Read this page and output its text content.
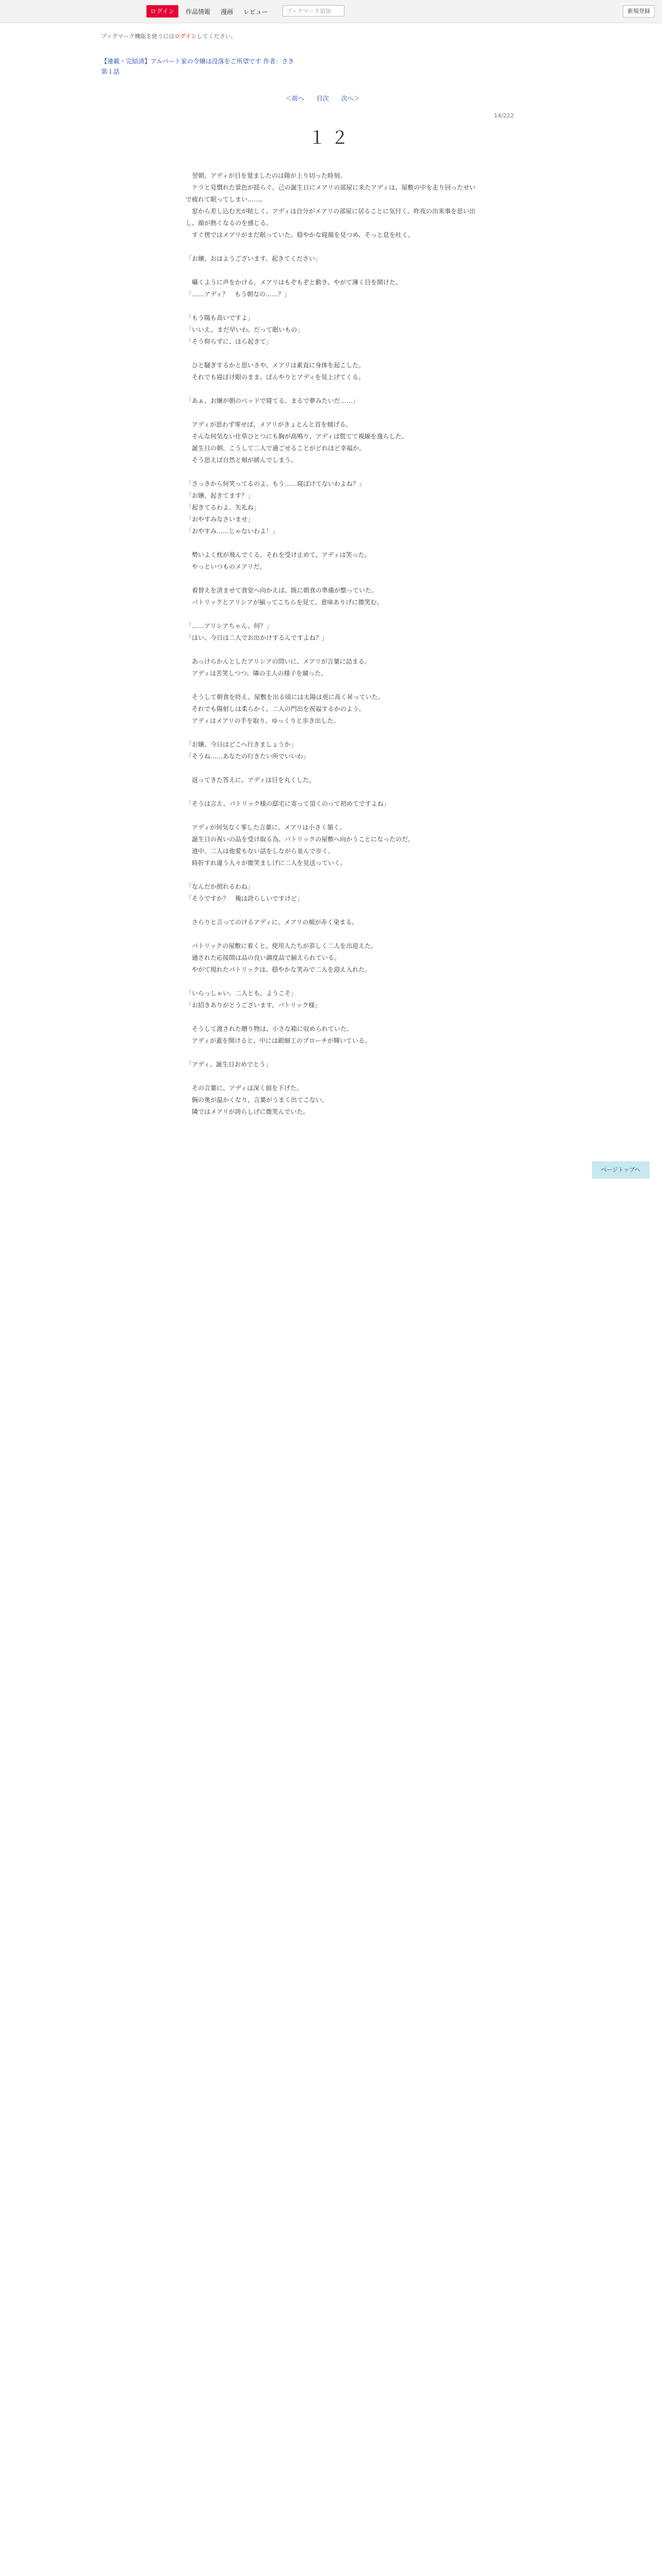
ログイン	作品情報 漫画 レビュー	ブックマーク追加	新規登録
ブックマーク機能を使うにはログインしてください。
【連載・完結済】アルバート家の令嬢は没落をご所望です 作者：さき
第１話
＜前へ 目次 次へ＞
14/222
１２

　翌朝、アディが目を覚ましたのは陽が上り切った時刻。

　ケラと見慣れた景色が揺らぐ。己の誕生日にメアリの部屋に来たアディは、屋敷の中を走り回ったせいで疲れて眠ってしまい……。

　窓から差し込む光が眩しく、アディは自分がメアリの部屋に居ることに気付く。昨夜の出来事を思い出し、顔が熱くなるのを感じる。

　すぐ傍ではメアリがまだ眠っていた。穏やかな寝顔を見つめ、そっと息を吐く。

「お嬢、おはようございます。起きてください」

　囁くように声をかける。メアリはもぞもぞと動き、やがて薄く目を開けた。

「……アディ？　もう朝なの……？」

「もう陽も高いですよ」

「いいえ、まだ早いわ。だって眠いもの」

「そう仰らずに、ほら起きて」

　ひと騒ぎするかと思いきや、メアリは素直に身体を起こした。

　それでも寝ぼけ眼のまま、ぼんやりとアディを見上げてくる。

「あぁ、お嬢が朝のベッドで寝てる。まるで夢みたいだ……」

　アディが思わず零せば、メアリがきょとんと首を傾げる。

　そんな何気ない仕草ひとつにも胸が高鳴り、アディは慌てて視線を逸らした。

　誕生日の朝、こうして二人で過ごせることがどれほど幸福か。

　そう思えば自然と頬が緩んでしまう。

「さっきから何笑ってるのよ、もう……寝ぼけてないわよね？」

「お嬢、起きてます？」

「起きてるわよ。失礼ね」

「おやすみなさいませ」

「おやすみ……じゃないわよ！」

　勢いよく枕が飛んでくる。それを受け止めて、アディは笑った。

　やっといつものメアリだ。

　着替えを済ませて食堂へ向かえば、既に朝食の準備が整っていた。

　パトリックとアリシアが揃ってこちらを見て、意味ありげに微笑む。

「……アリシアちゃん、何？」

「はい、今日は二人でお出かけするんですよね？」

　あっけらかんとしたアリシアの問いに、メアリが言葉に詰まる。

　アディは苦笑しつつ、隣の主人の様子を窺った。

　そうして朝食を終え、屋敷を出る頃には太陽は更に高く昇っていた。

　それでも陽射しは柔らかく、二人の門出を祝福するかのよう。

　アディはメアリの手を取り、ゆっくりと歩き出した。

「お嬢、今日はどこへ行きましょうか」

「そうね……あなたの行きたい所でいいわ」

　返ってきた答えに、アディは目を丸くした。

「そうは言え、パトリック様の邸宅に寄って頂くのって初めてですよね」

　アディが何気なく零した言葉に、メアリは小さく頷く。

　誕生日の祝いの品を受け取る為、パトリックの屋敷へ向かうことになったのだ。

　道中、二人は他愛もない話をしながら並んで歩く。

　時折すれ違う人々が微笑ましげに二人を見送っていく。

「なんだか照れるわね」

「そうですか？　俺は誇らしいですけど」

　さらりと言ってのけるアディに、メアリの頬が赤く染まる。

　パトリックの屋敷に着くと、使用人たちが恭しく二人を出迎えた。

　通された応接間は品の良い調度品で揃えられている。

　やがて現れたパトリックは、穏やかな笑みで二人を迎え入れた。

「いらっしゃい。二人とも、ようこそ」

「お招きありがとうございます、パトリック様」

　そうして渡された贈り物は、小さな箱に収められていた。

　アディが蓋を開けると、中には銀細工のブローチが輝いている。

「アディ、誕生日おめでとう」

　その言葉に、アディは深く頭を下げた。

　胸の奥が温かくなり、言葉がうまく出てこない。

　隣ではメアリが誇らしげに微笑んでいた。

ページトップへ
